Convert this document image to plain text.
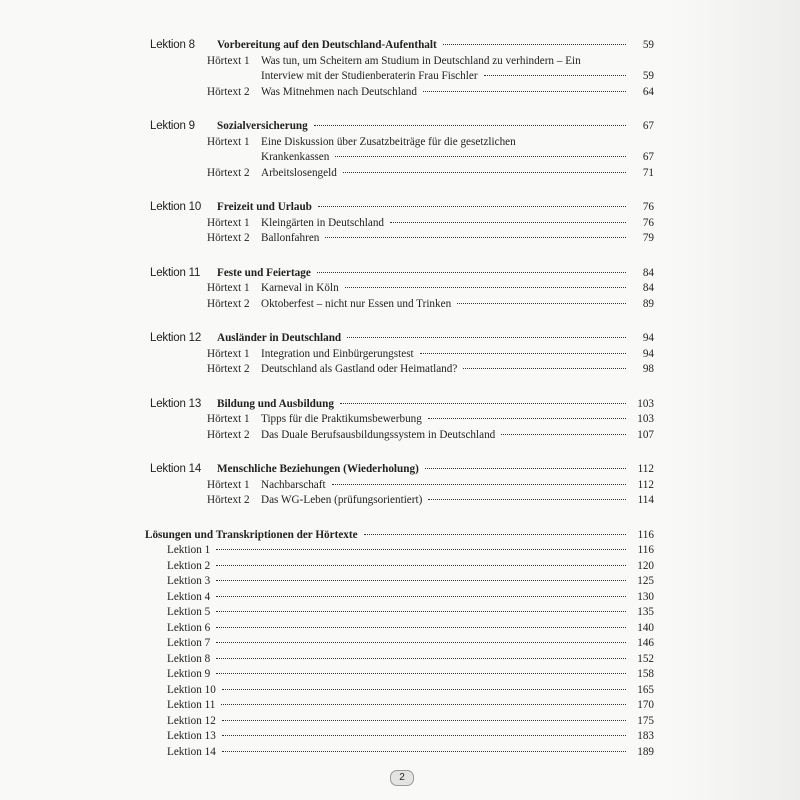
Lektion 8	Vorbereitung auf den Deutschland-Aufenthalt	59
Hörtext 1	Was tun, um Scheitern am Studium in Deutschland zu verhindern – Ein
Interview mit der Studienberaterin Frau Fischler	59
Hörtext 2	Was Mitnehmen nach Deutschland	64
Lektion 9	Sozialversicherung	67
Hörtext 1	Eine Diskussion über Zusatzbeiträge für die gesetzlichen
Krankenkassen	67
Hörtext 2	Arbeitslosengeld	71
Lektion 10	Freizeit und Urlaub	76
Hörtext 1	Kleingärten in Deutschland	76
Hörtext 2	Ballonfahren	79
Lektion 11	Feste und Feiertage	84
Hörtext 1	Karneval in Köln	84
Hörtext 2	Oktoberfest – nicht nur Essen und Trinken	89
Lektion 12	Ausländer in Deutschland	94
Hörtext 1	Integration und Einbürgerungstest	94
Hörtext 2	Deutschland als Gastland oder Heimatland?	98
Lektion 13	Bildung und Ausbildung	103
Hörtext 1	Tipps für die Praktikumsbewerbung	103
Hörtext 2	Das Duale Berufsausbildungssystem in Deutschland	107
Lektion 14	Menschliche Beziehungen (Wiederholung)	112
Hörtext 1	Nachbarschaft	112
Hörtext 2	Das WG-Leben (prüfungsorientiert)	114
Lösungen und Transkriptionen der Hörtexte	116
Lektion 1	116
Lektion 2	120
Lektion 3	125
Lektion 4	130
Lektion 5	135
Lektion 6	140
Lektion 7	146
Lektion 8	152
Lektion 9	158
Lektion 10	165
Lektion 11	170
Lektion 12	175
Lektion 13	183
Lektion 14	189
2
